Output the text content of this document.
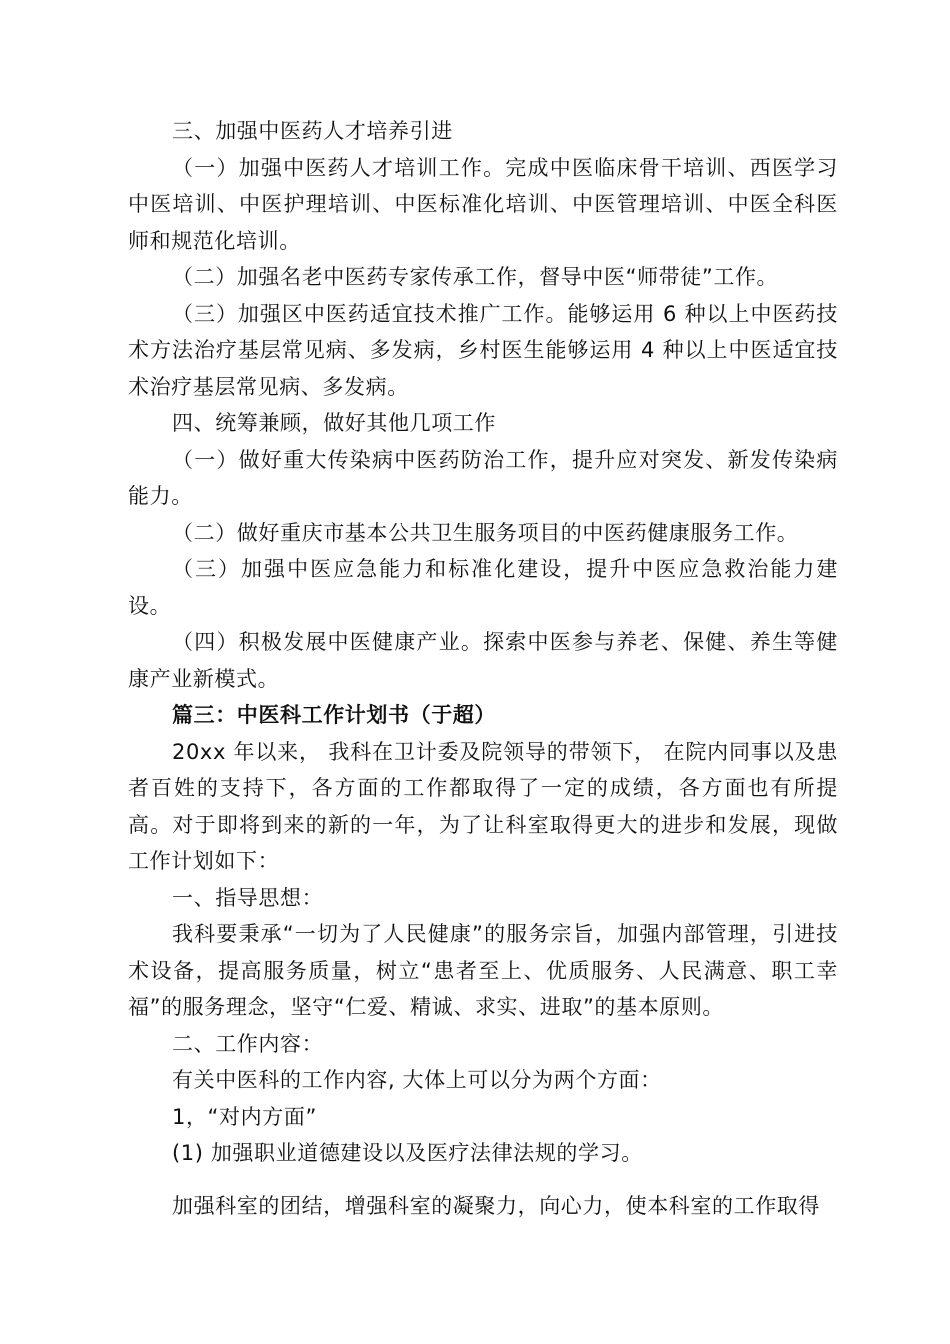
三、加强中医药人才培养引进

（一）加强中医药人才培训工作。完成中医临床骨干培训、西医学习中医培训、中医护理培训、中医标准化培训、中医管理培训、中医全科医师和规范化培训。

（二）加强名老中医药专家传承工作，督导中医“师带徒”工作。

（三）加强区中医药适宜技术推广工作。能够运用 6 种以上中医药技术方法治疗基层常见病、多发病，乡村医生能够运用 4 种以上中医适宜技术治疗基层常见病、多发病。

四、统筹兼顾，做好其他几项工作

（一）做好重大传染病中医药防治工作，提升应对突发、新发传染病能力。

（二）做好重庆市基本公共卫生服务项目的中医药健康服务工作。

（三）加强中医应急能力和标准化建设，提升中医应急救治能力建设。

（四）积极发展中医健康产业。探索中医参与养老、保健、养生等健康产业新模式。

篇三：中医科工作计划书（于超）

20xx 年以来， 我科在卫计委及院领导的带领下， 在院内同事以及患者百姓的支持下，各方面的工作都取得了一定的成绩，各方面也有所提高。对于即将到来的新的一年，为了让科室取得更大的进步和发展，现做工作计划如下：

一、指导思想：

我科要秉承“一切为了人民健康”的服务宗旨，加强内部管理，引进技术设备，提高服务质量，树立“患者至上、优质服务、人民满意、职工幸福”的服务理念，坚守“仁爱、精诚、求实、进取”的基本原则。

二、工作内容：

有关中医科的工作内容, 大体上可以分为两个方面：

1，“对内方面”

(1) 加强职业道德建设以及医疗法律法规的学习。

加强科室的团结，增强科室的凝聚力，向心力，使本科室的工作取得
